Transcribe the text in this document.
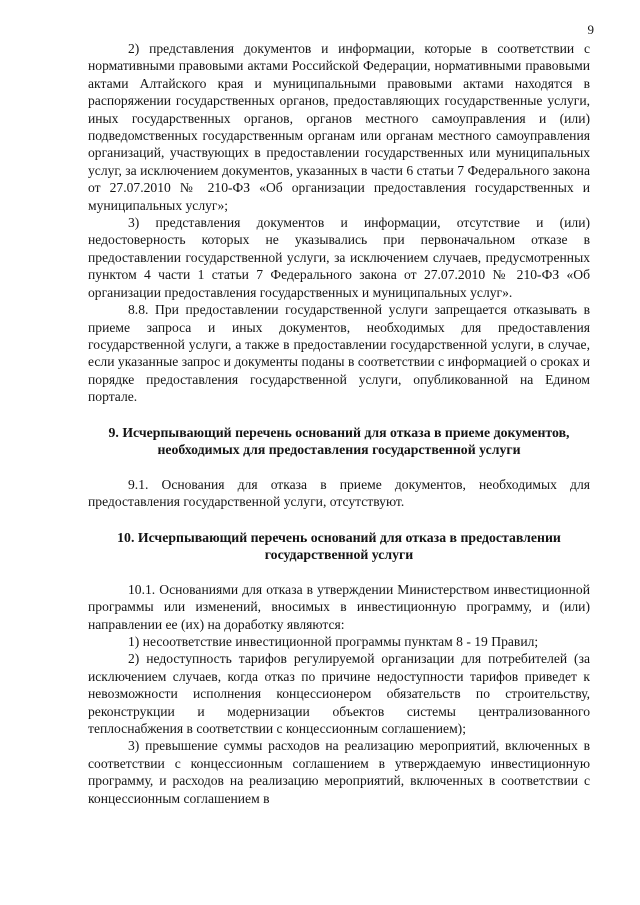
9

2) представления документов и информации, которые в соответствии с нормативными правовыми актами Российской Федерации, нормативными правовыми актами Алтайского края и муниципальными правовыми актами находятся в распоряжении государственных органов, предоставляющих государственные услуги, иных государственных органов, органов местного самоуправления и (или) подведомственных государственным органам или органам местного самоуправления организаций, участвующих в предоставлении государственных или муниципальных услуг, за исключением документов, указанных в части 6 статьи 7 Федерального закона от 27.07.2010 № 210-ФЗ «Об организации предоставления государственных и муниципальных услуг»;

3) представления документов и информации, отсутствие и (или) недостоверность которых не указывались при первоначальном отказе в предоставлении государственной услуги, за исключением случаев, предусмотренных пунктом 4 части 1 статьи 7 Федерального закона от 27.07.2010 № 210-ФЗ «Об организации предоставления государственных и муниципальных услуг».

8.8. При предоставлении государственной услуги запрещается отказывать в приеме запроса и иных документов, необходимых для предоставления государственной услуги, а также в предоставлении государственной услуги, в случае, если указанные запрос и документы поданы в соответствии с информацией о сроках и порядке предоставления государственной услуги, опубликованной на Едином портале.

9. Исчерпывающий перечень оснований для отказа в приеме документов, необходимых для предоставления государственной услуги

9.1. Основания для отказа в приеме документов, необходимых для предоставления государственной услуги, отсутствуют.

10. Исчерпывающий перечень оснований для отказа в предоставлении государственной услуги

10.1. Основаниями для отказа в утверждении Министерством инвестиционной программы или изменений, вносимых в инвестиционную программу, и (или) направлении ее (их) на доработку являются:

1) несоответствие инвестиционной программы пунктам 8 - 19 Правил;

2) недоступность тарифов регулируемой организации для потребителей (за исключением случаев, когда отказ по причине недоступности тарифов приведет к невозможности исполнения концессионером обязательств по строительству, реконструкции и модернизации объектов системы централизованного теплоснабжения в соответствии с концессионным соглашением);

3) превышение суммы расходов на реализацию мероприятий, включенных в соответствии с концессионным соглашением в утверждаемую инвестиционную программу, и расходов на реализацию мероприятий, включенных в соответствии с концессионным соглашением в
